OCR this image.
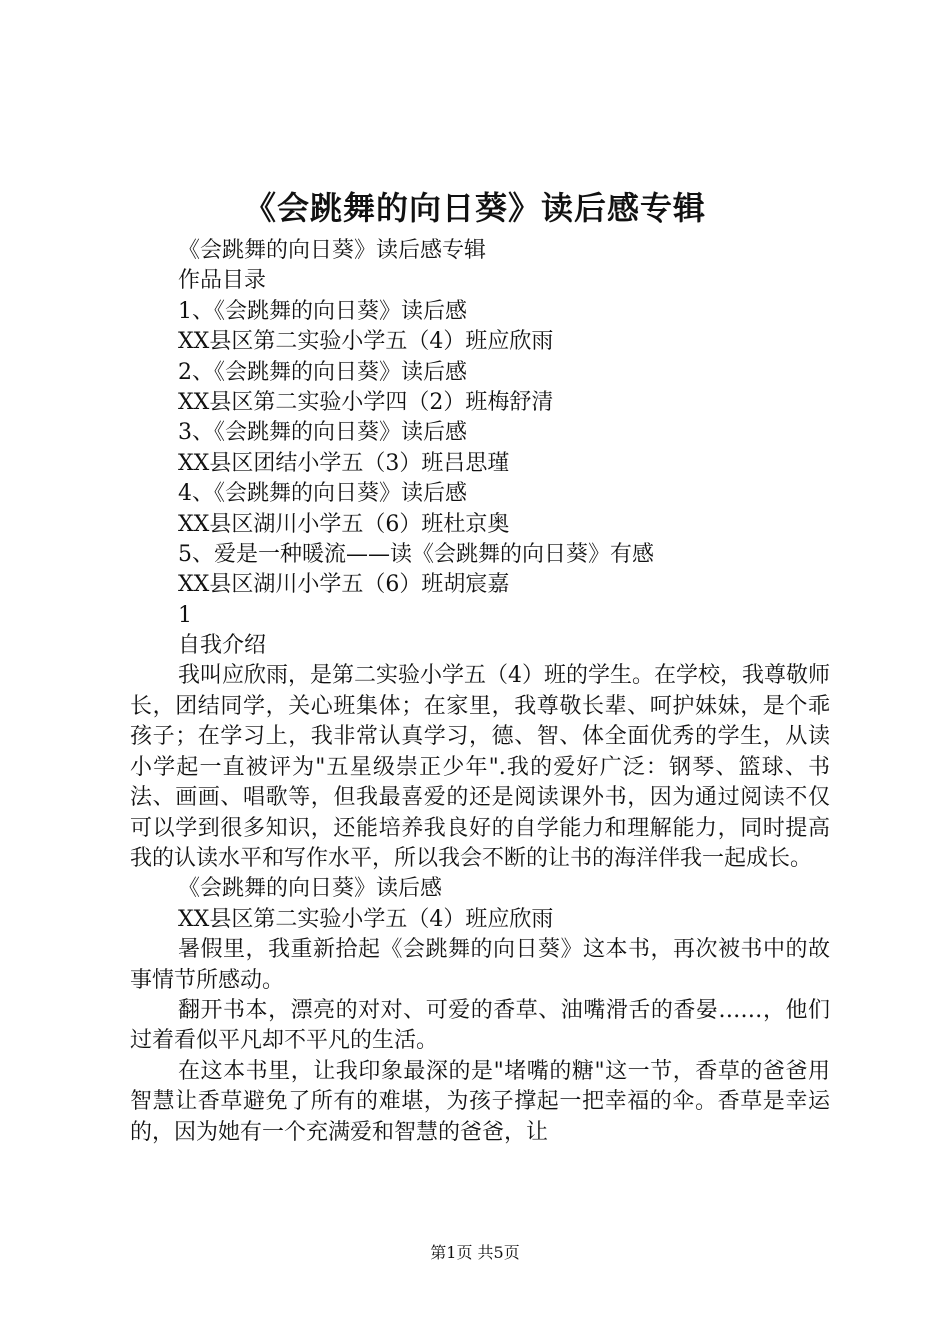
《会跳舞的向日葵》读后感专辑
《会跳舞的向日葵》读后感专辑
作品目录
1、《会跳舞的向日葵》读后感
XX县区第二实验小学五（4）班应欣雨
2、《会跳舞的向日葵》读后感
XX县区第二实验小学四（2）班梅舒清
3、《会跳舞的向日葵》读后感
XX县区团结小学五（3）班吕思瑾
4、《会跳舞的向日葵》读后感
XX县区湖川小学五（6）班杜京奥
5、爱是一种暖流——读《会跳舞的向日葵》有感
XX县区湖川小学五（6）班胡宸嘉
1
自我介绍
我叫应欣雨，是第二实验小学五（4）班的学生。在学校，我尊敬师长，团结同学，关心班集体；在家里，我尊敬长辈、呵护妹妹，是个乖孩子；在学习上，我非常认真学习，德、智、体全面优秀的学生，从读小学起一直被评为"五星级崇正少年".我的爱好广泛：钢琴、篮球、书法、画画、唱歌等，但我最喜爱的还是阅读课外书，因为通过阅读不仅可以学到很多知识，还能培养我良好的自学能力和理解能力，同时提高我的认读水平和写作水平，所以我会不断的让书的海洋伴我一起成长。
《会跳舞的向日葵》读后感
XX县区第二实验小学五（4）班应欣雨
暑假里，我重新拾起《会跳舞的向日葵》这本书，再次被书中的故事情节所感动。
翻开书本，漂亮的对对、可爱的香草、油嘴滑舌的香晏……，他们过着看似平凡却不平凡的生活。
在这本书里，让我印象最深的是"堵嘴的糖"这一节，香草的爸爸用智慧让香草避免了所有的难堪，为孩子撑起一把幸福的伞。香草是幸运的，因为她有一个充满爱和智慧的爸爸，让
第1页 共5页
